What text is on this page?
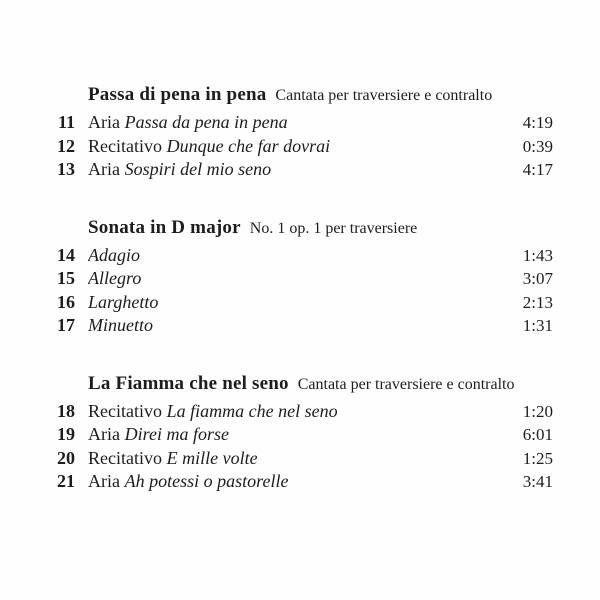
Passa di pena in pena Cantata per traversiere e contralto
11 Aria Passa da pena in pena	4:19
12 Recitativo Dunque che far dovrai	0:39
13 Aria Sospiri del mio seno	4:17
Sonata in D major No. 1 op. 1 per traversiere
14 Adagio	1:43
15 Allegro	3:07
16 Larghetto	2:13
17 Minuetto	1:31
La Fiamma che nel seno Cantata per traversiere e contralto
18 Recitativo La fiamma che nel seno	1:20
19 Aria Direi ma forse	6:01
20 Recitativo E mille volte	1:25
21 Aria Ah potessi o pastorelle	3:41
